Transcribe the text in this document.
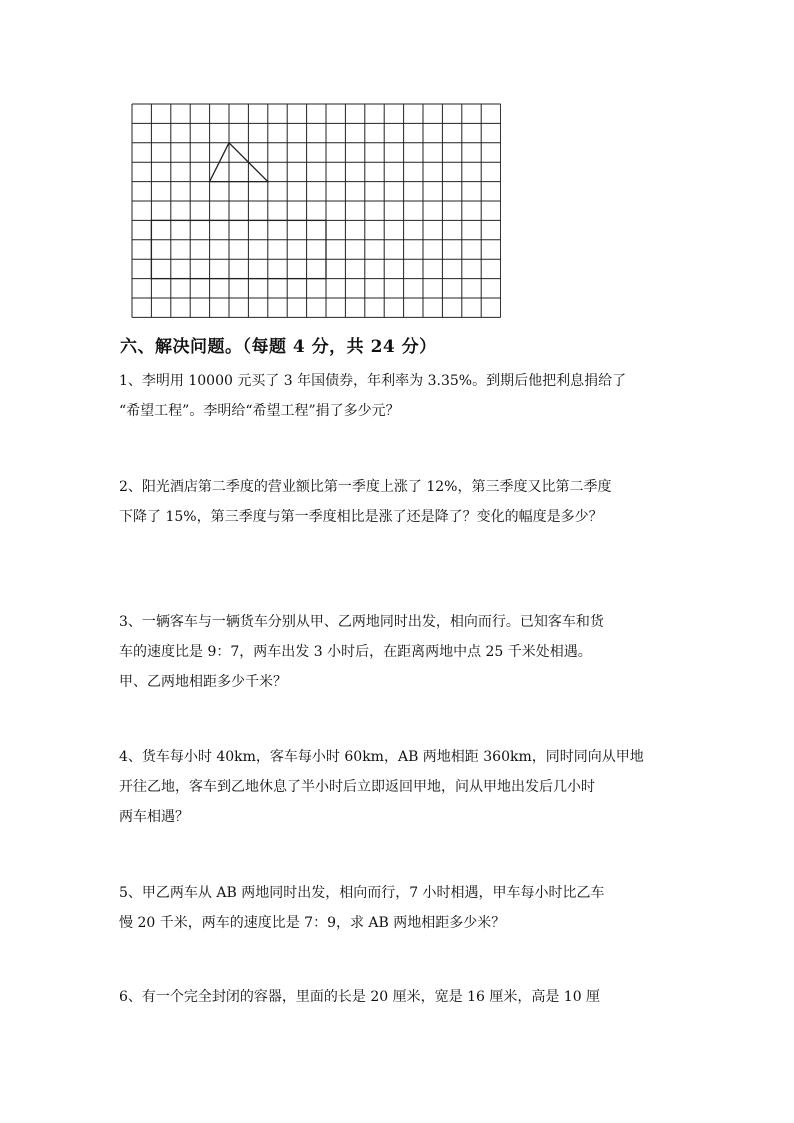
六、解决问题。（每题 4 分，共 24 分）
1、李明用 10000 元买了 3 年国债券，年利率为 3.35%。到期后他把利息捐给了
“希望工程”。李明给“希望工程”捐了多少元？
2、阳光酒店第二季度的营业额比第一季度上涨了 12%，第三季度又比第二季度
下降了 15%，第三季度与第一季度相比是涨了还是降了？变化的幅度是多少？
3、一辆客车与一辆货车分别从甲、乙两地同时出发，相向而行。已知客车和货
车的速度比是 9：7，两车出发 3 小时后，在距离两地中点 25 千米处相遇。
甲、乙两地相距多少千米？
4、货车每小时 40km，客车每小时 60km，AB 两地相距 360km，同时同向从甲地
开往乙地，客车到乙地休息了半小时后立即返回甲地，问从甲地出发后几小时
两车相遇？
5、甲乙两车从 AB 两地同时出发，相向而行，7 小时相遇，甲车每小时比乙车
慢 20 千米，两车的速度比是 7：9，求 AB 两地相距多少米？
6、有一个完全封闭的容器，里面的长是 20 厘米，宽是 16 厘米，高是 10 厘
